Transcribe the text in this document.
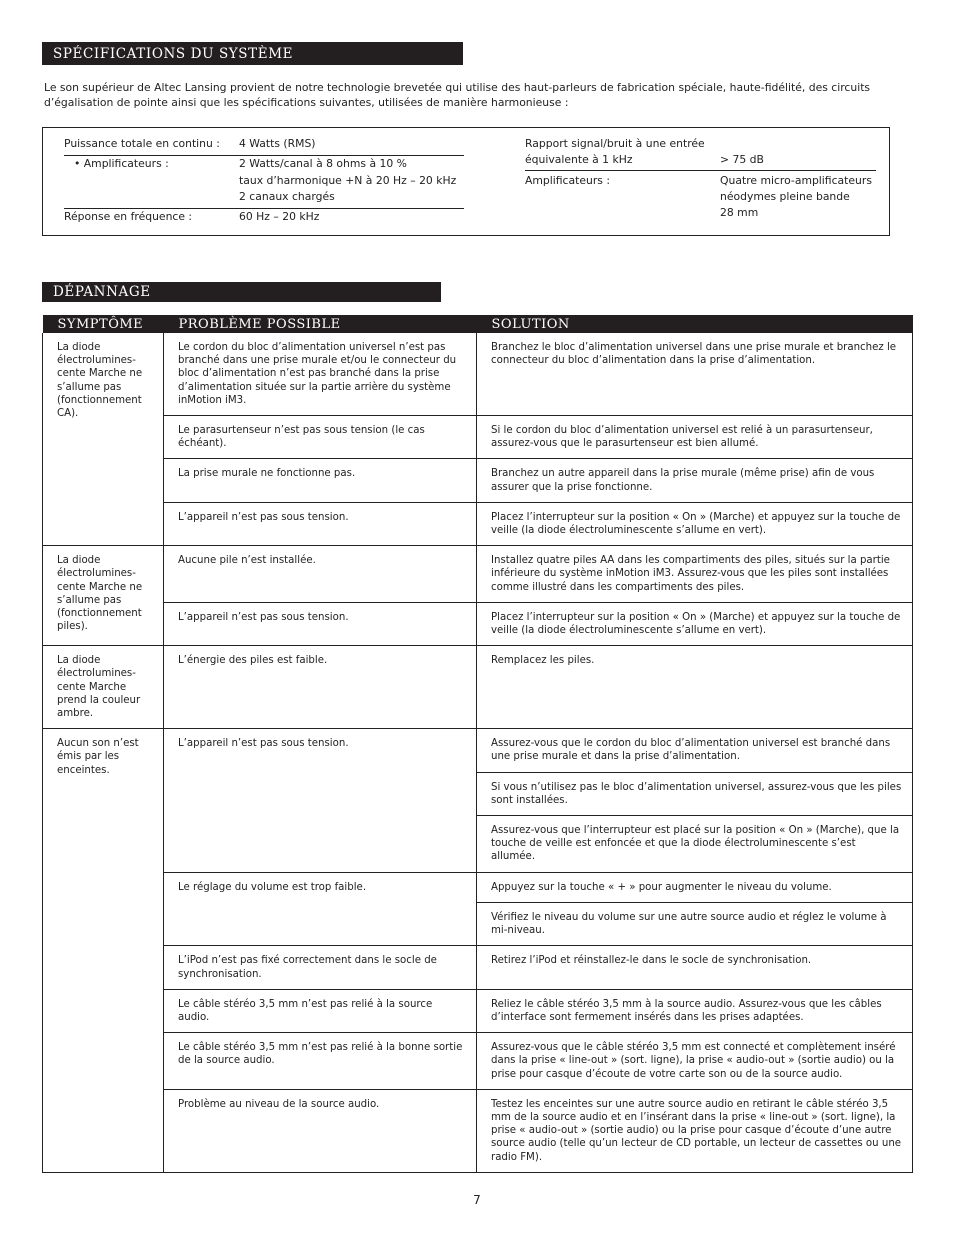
SPÉCIFICATIONS DU SYSTÈME

Le son supérieur de Altec Lansing provient de notre technologie brevetée qui utilise des haut-parleurs de fabrication spéciale, haute-fidélité, des circuits d’égalisation de pointe ainsi que les spécifications suivantes, utilisées de manière harmonieuse :

Puissance totale en continu : 4 Watts (RMS)
• Amplificateurs :	2 Watts/canal à 8 ohms à 10 %
taux d’harmonique +N à 20 Hz – 20 kHz
2 canaux chargés
Réponse en fréquence :	60 Hz – 20 kHz
Rapport signal/bruit à une entrée
équivalente à 1 kHz	> 75 dB
Amplificateurs :	Quatre micro-amplificateurs
néodymes pleine bande
28 mm
DÉPANNAGE
SYMPTÔME	PROBLÈME POSSIBLE	SOLUTION
La diode électrolumines-cente Marche ne s’allume pas (fonctionnement CA).	Le cordon du bloc d’alimentation universel n’est pas branché dans une prise murale et/ou le connecteur du bloc d’alimentation n’est pas branché dans la prise d’alimentation située sur la partie arrière du système inMotion iM3.	Branchez le bloc d’alimentation universel dans une prise murale et branchez le connecteur du bloc d’alimentation dans la prise d’alimentation.
	Le parasurtenseur n’est pas sous tension (le cas échéant).	Si le cordon du bloc d’alimentation universel est relié à un parasurtenseur, assurez-vous que le parasurtenseur est bien allumé.
	La prise murale ne fonctionne pas.	Branchez un autre appareil dans la prise murale (même prise) afin de vous assurer que la prise fonctionne.
	L’appareil n’est pas sous tension.	Placez l’interrupteur sur la position « On » (Marche) et appuyez sur la touche de veille (la diode électroluminescente s’allume en vert).
La diode électrolumines-cente Marche ne s’allume pas (fonctionnement piles).	Aucune pile n’est installée.	Installez quatre piles AA dans les compartiments des piles, situés sur la partie inférieure du système inMotion iM3. Assurez-vous que les piles sont installées comme illustré dans les compartiments des piles.
	L’appareil n’est pas sous tension.	Placez l’interrupteur sur la position « On » (Marche) et appuyez sur la touche de veille (la diode électroluminescente s’allume en vert).
La diode électrolumines-cente Marche prend la couleur ambre.	L’énergie des piles est faible.	Remplacez les piles.
Aucun son n’est émis par les enceintes.	L’appareil n’est pas sous tension.	Assurez-vous que le cordon du bloc d’alimentation universel est branché dans une prise murale et dans la prise d’alimentation.
		Si vous n’utilisez pas le bloc d’alimentation universel, assurez-vous que les piles sont installées.
		Assurez-vous que l’interrupteur est placé sur la position « On » (Marche), que la touche de veille est enfoncée et que la diode électroluminescente s’est allumée.
	Le réglage du volume est trop faible.	Appuyez sur la touche « + » pour augmenter le niveau du volume.
		Vérifiez le niveau du volume sur une autre source audio et réglez le volume à mi-niveau.
	L’iPod n’est pas fixé correctement dans le socle de synchronisation.	Retirez l’iPod et réinstallez-le dans le socle de synchronisation.
	Le câble stéréo 3,5 mm n’est pas relié à la source audio.	Reliez le câble stéréo 3,5 mm à la source audio. Assurez-vous que les câbles d’interface sont fermement insérés dans les prises adaptées.
	Le câble stéréo 3,5 mm n’est pas relié à la bonne sortie de la source audio.	Assurez-vous que le câble stéréo 3,5 mm est connecté et complètement inséré dans la prise « line-out » (sort. ligne), la prise « audio-out » (sortie audio) ou la prise pour casque d’écoute de votre carte son ou de la source audio.
	Problème au niveau de la source audio.	Testez les enceintes sur une autre source audio en retirant le câble stéréo 3,5 mm de la source audio et en l’insérant dans la prise « line-out » (sort. ligne), la prise « audio-out » (sortie audio) ou la prise pour casque d’écoute d’une autre source audio (telle qu’un lecteur de CD portable, un lecteur de cassettes ou une radio FM).
7
